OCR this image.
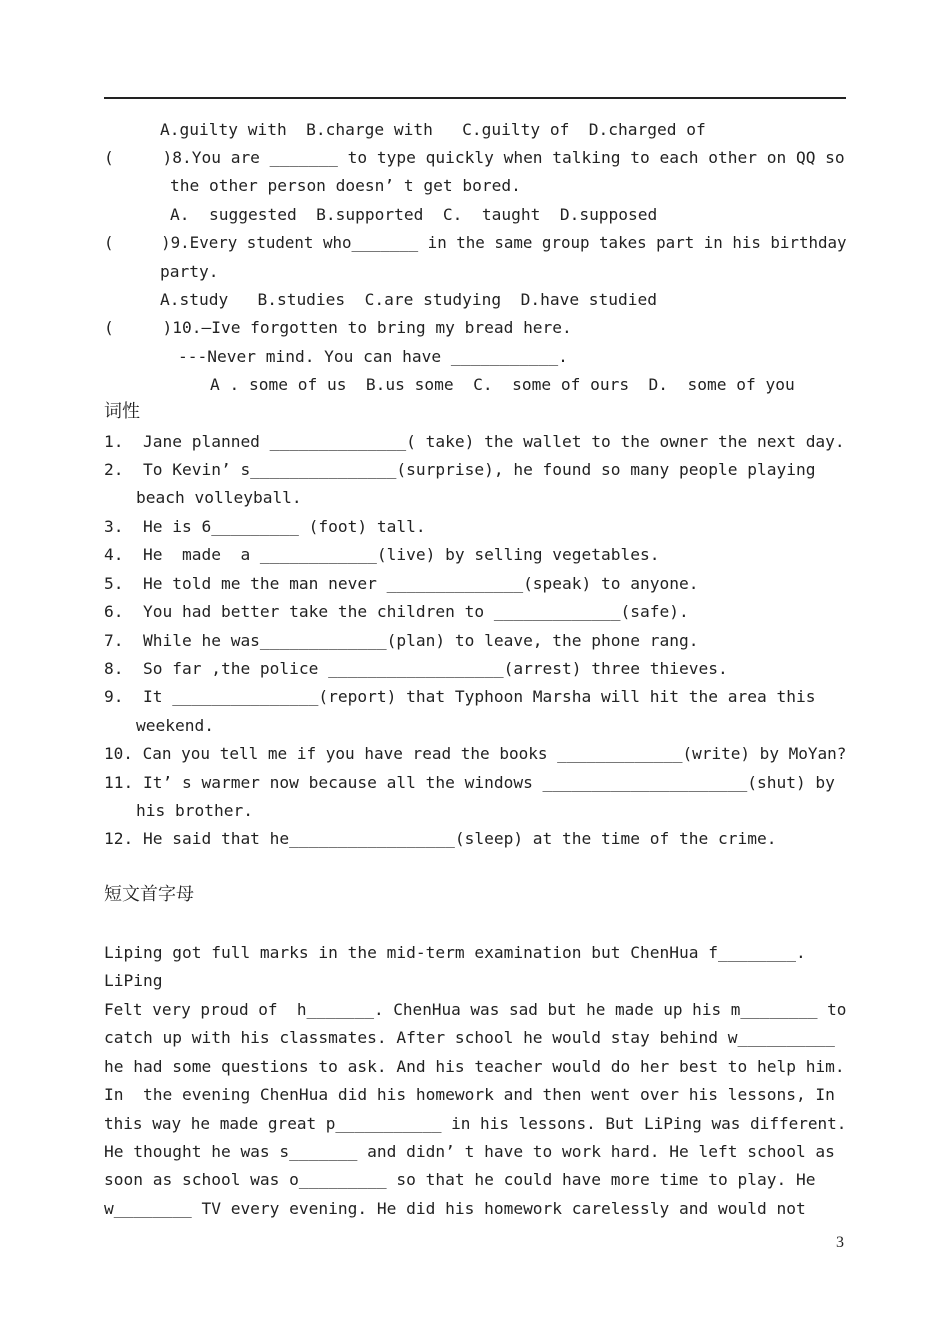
A.guilty with  B.charge with   C.guilty of  D.charged of
(     )8.You are _______ to type quickly when talking to each other on QQ so
the other person doesn’ t get bored.
A.  suggested  B.supported  C.  taught  D.supposed
(     )9.Every student who_______ in the same group takes part in his birthday
party.
A.study   B.studies  C.are studying  D.have studied
(     )10.—Ive forgotten to bring my bread here.
---Never mind. You can have ___________.
A . some of us  B.us some  C.  some of ours  D.  some of you
词性
1.  Jane planned ______________( take) the wallet to the owner the next day.
2.  To Kevin’ s_______________(surprise), he found so many people playing
beach volleyball.
3.  He is 6_________ (foot) tall.
4.  He  made  a ____________(live) by selling vegetables.
5.  He told me the man never ______________(speak) to anyone.
6.  You had better take the children to _____________(safe).
7.  While he was_____________(plan) to leave, the phone rang.
8.  So far ,the police __________________(arrest) three thieves.
9.  It _______________(report) that Typhoon Marsha will hit the area this
weekend.
10. Can you tell me if you have read the books _____________(write) by MoYan?
11. It’ s warmer now because all the windows _____________________(shut) by
his brother.
12. He said that he_________________(sleep) at the time of the crime.
短文首字母
Liping got full marks in the mid-term examination but ChenHua f________.
LiPing
Felt very proud of  h_______. ChenHua was sad but he made up his m________ to
catch up with his classmates. After school he would stay behind w__________
he had some questions to ask. And his teacher would do her best to help him.
In  the evening ChenHua did his homework and then went over his lessons, In
this way he made great p___________ in his lessons. But LiPing was different.
He thought he was s_______ and didn’ t have to work hard. He left school as
soon as school was o_________ so that he could have more time to play. He
w________ TV every evening. He did his homework carelessly and would not
3
